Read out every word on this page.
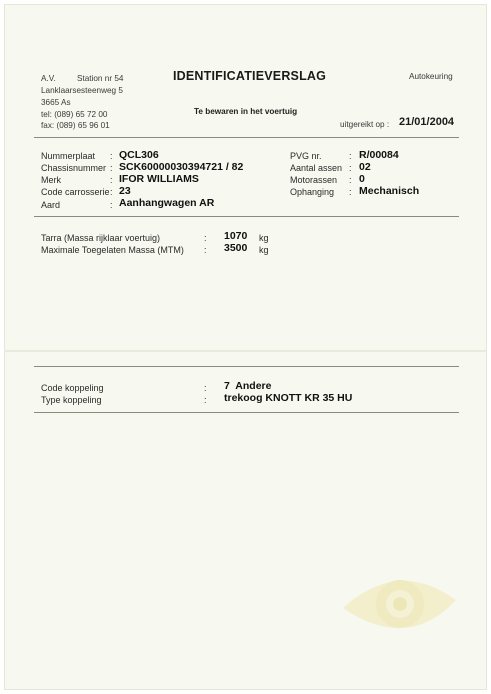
A.V.	Station nr 54
Lanklaarsesteenweg 5
3665 As
tel: (089) 65 72 00
fax: (089) 65 96 01
IDENTIFICATIEVERSLAG
Te bewaren in het voertuig
Autokeuring
uitgereikt op : 21/01/2004
Nummerplaat : QCL306
Chassisnummer : SCK60000030394721 / 82
Merk	: IFOR WILLIAMS
Code carrosserie : 23
Aard	: Aanhangwagen AR
PVG nr.	: R/00084
Aantal assen : 02
Motorassen : 0
Ophanging : Mechanisch
Tarra (Massa rijklaar voertuig)	: 1070 kg
Maximale Toegelaten Massa (MTM) : 3500 kg
Code koppeling	: 7  Andere
Type koppeling	: trekoog KNOTT KR 35 HU
